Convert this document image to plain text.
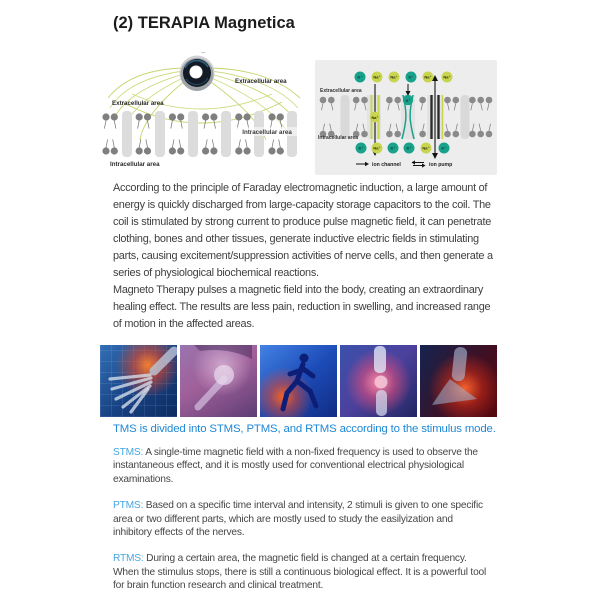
(2) TERAPIA Magnetica
Extracellular area
Extracellular area
Intracellular area
Intracellular area
Na⁺
K⁺
K⁺	Na⁺ Na⁺	K⁺	Na⁺	Na⁺
K⁺ Na⁺ K⁺	K⁺	Na⁺	K⁺
Extracellular area
Intracellular area
ion channel	ion pump

According to the principle of Faraday electromagnetic induction, a large amount of energy is quickly discharged from large-capacity storage capacitors to the coil. The coil is stimulated by strong current to produce pulse magnetic field, it can penetrate clothing, bones and other tissues, generate inductive electric fields in stimulating parts, causing excitement/suppression activities of nerve cells, and then generate a series of physiological biochemical reactions.

Magneto Therapy pulses a magnetic field into the body, creating an extraordinary healing effect. The results are less pain, reduction in swelling, and increased range of motion in the affected areas.

TMS is divided into STMS, PTMS, and RTMS according to the stimulus mode.

STMS: A single-time magnetic field with a non-fixed frequency is used to observe the instantaneous effect, and it is mostly used for conventional electrical physiological examinations.

PTMS: Based on a specific time interval and intensity, 2 stimuli is given to one specific area or two different parts, which are mostly used to study the easilyization and inhibitory effects of the nerves.

RTMS: During a certain area, the magnetic field is changed at a certain frequency. When the stimulus stops, there is still a continuous biological effect. It is a powerful tool for brain function research and clinical treatment.
